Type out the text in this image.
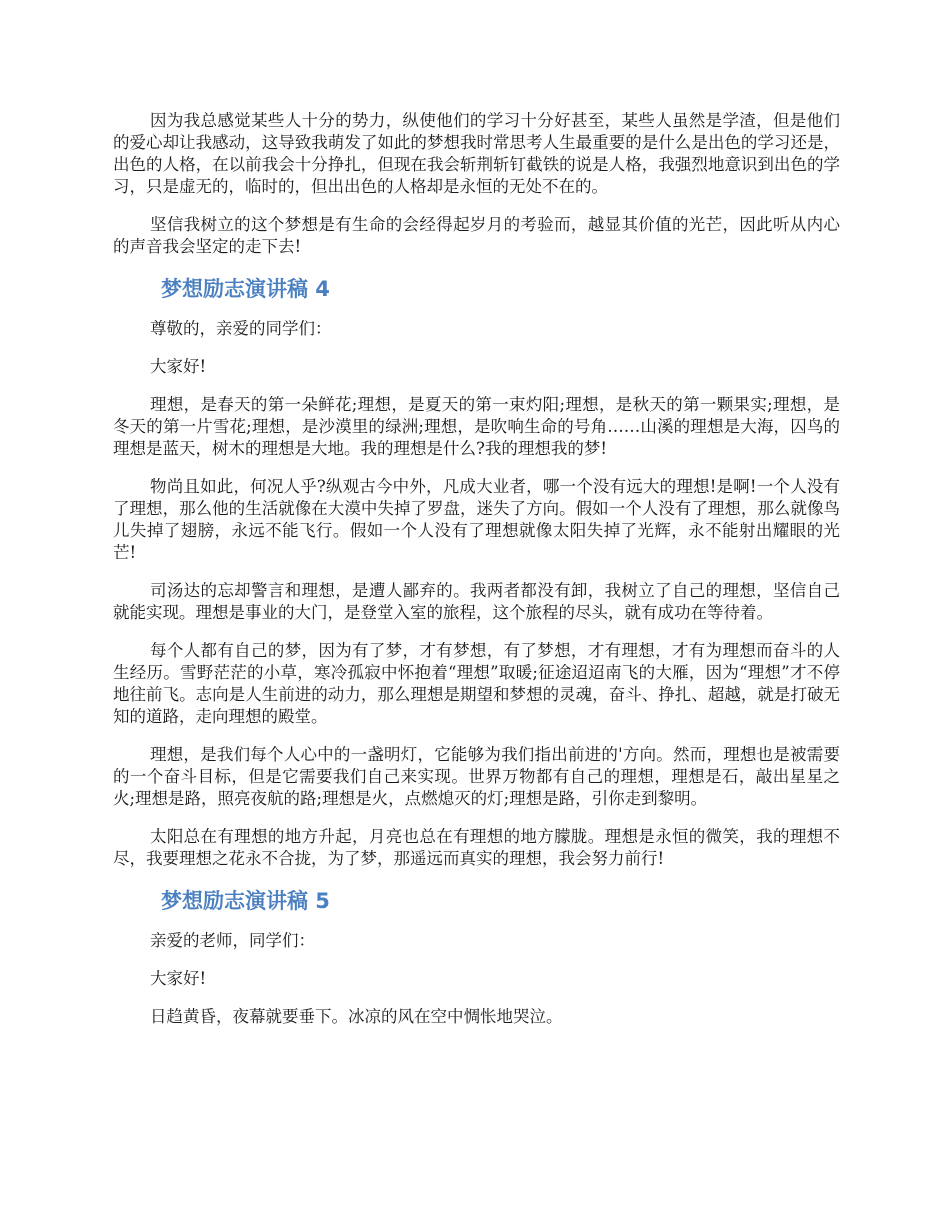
因为我总感觉某些人十分的势力，纵使他们的学习十分好甚至，某些人虽然是学渣，但是他们的爱心却让我感动，这导致我萌发了如此的梦想我时常思考人生最重要的是什么是出色的学习还是，出色的人格，在以前我会十分挣扎，但现在我会斩荆斩钉截铁的说是人格，我强烈地意识到出色的学习，只是虚无的，临时的，但出出色的人格却是永恒的无处不在的。

坚信我树立的这个梦想是有生命的会经得起岁月的考验而，越显其价值的光芒，因此听从内心的声音我会坚定的走下去!

梦想励志演讲稿 4

尊敬的，亲爱的同学们：

大家好!

理想，是春天的第一朵鲜花;理想，是夏天的第一束灼阳;理想，是秋天的第一颗果实;理想，是冬天的第一片雪花;理想，是沙漠里的绿洲;理想，是吹响生命的号角……山溪的理想是大海，囚鸟的理想是蓝天，树木的理想是大地。我的理想是什么?我的理想我的梦!

物尚且如此，何况人乎?纵观古今中外，凡成大业者，哪一个没有远大的理想!是啊!一个人没有了理想，那么他的生活就像在大漠中失掉了罗盘，迷失了方向。假如一个人没有了理想，那么就像鸟儿失掉了翅膀，永远不能飞行。假如一个人没有了理想就像太阳失掉了光辉，永不能射出耀眼的光芒!

司汤达的忘却警言和理想，是遭人鄙弃的。我两者都没有卸，我树立了自己的理想，坚信自己就能实现。理想是事业的大门，是登堂入室的旅程，这个旅程的尽头，就有成功在等待着。

每个人都有自己的梦，因为有了梦，才有梦想，有了梦想，才有理想，才有为理想而奋斗的人生经历。雪野茫茫的小草，寒冷孤寂中怀抱着“理想”取暖;征途迢迢南飞的大雁，因为“理想”才不停地往前飞。志向是人生前进的动力，那么理想是期望和梦想的灵魂，奋斗、挣扎、超越，就是打破无知的道路，走向理想的殿堂。

理想，是我们每个人心中的一盏明灯，它能够为我们指出前进的'方向。然而，理想也是被需要的一个奋斗目标，但是它需要我们自己来实现。世界万物都有自己的理想，理想是石，敲出星星之火;理想是路，照亮夜航的路;理想是火，点燃熄灭的灯;理想是路，引你走到黎明。

太阳总在有理想的地方升起，月亮也总在有理想的地方朦胧。理想是永恒的微笑，我的理想不尽，我要理想之花永不合拢，为了梦，那遥远而真实的理想，我会努力前行!

梦想励志演讲稿 5

亲爱的老师，同学们：

大家好!

日趋黄昏，夜幕就要垂下。冰凉的风在空中惆怅地哭泣。
